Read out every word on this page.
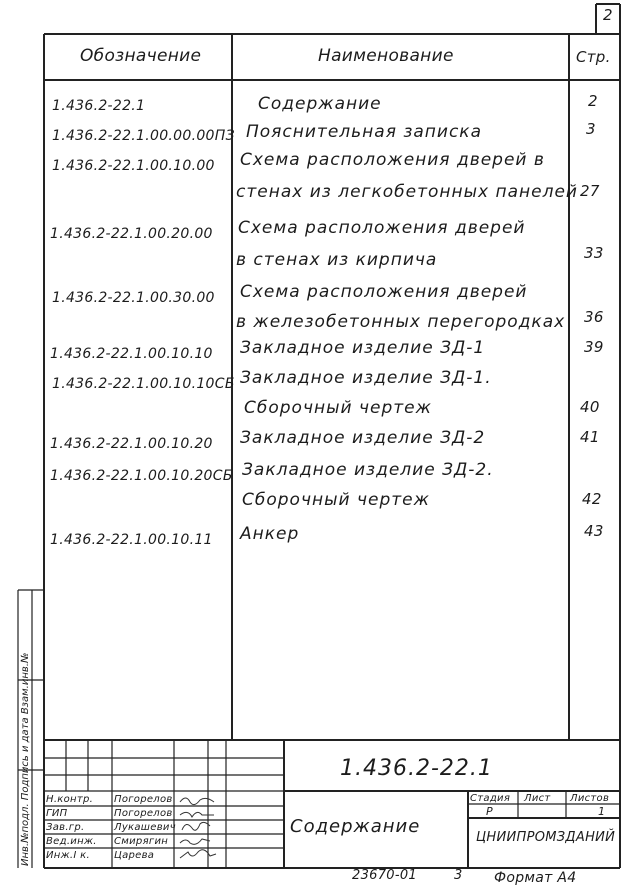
2
Обозначение	Наименование	Стр.
1.436.2-22.1	Содержание	2
1.436.2-22.1.00.00.00ПЗ Пояснительная записка	3
1.436.2-22.1.00.10.00 Схема расположения дверей в
стенах из легкобетонных панелей 27
1.436.2-22.1.00.20.00 Схема расположения дверей
в стенах из кирпича	33
1.436.2-22.1.00.30.00 Схема расположения дверей
в железобетонных перегородках 36
1.436.2-22.1.00.10.10 Закладное изделие ЗД-1	39
1.436.2-22.1.00.10.10СБ Закладное изделие ЗД-1.
Сборочный чертеж	40
1.436.2-22.1.00.10.20 Закладное изделие ЗД-2	41
1.436.2-22.1.00.10.20СБ Закладное изделие ЗД-2.
Сборочный чертеж	42
1.436.2-22.1.00.10.11 Анкер	43
Инв.№подл. Подпись и дата Взам.инв.№	1.436.2-22.1
Содержание
Стадия Лист Листов
Р	1
ЦНИИПРОМЗДАНИЙ
Н.контр. Погорелов
ГИП	Погорелов
Зав.гр.	Лукашевич
Вед.инж. Смирягин
Инж.I к. Царева
23670-01	3 Формат А4
